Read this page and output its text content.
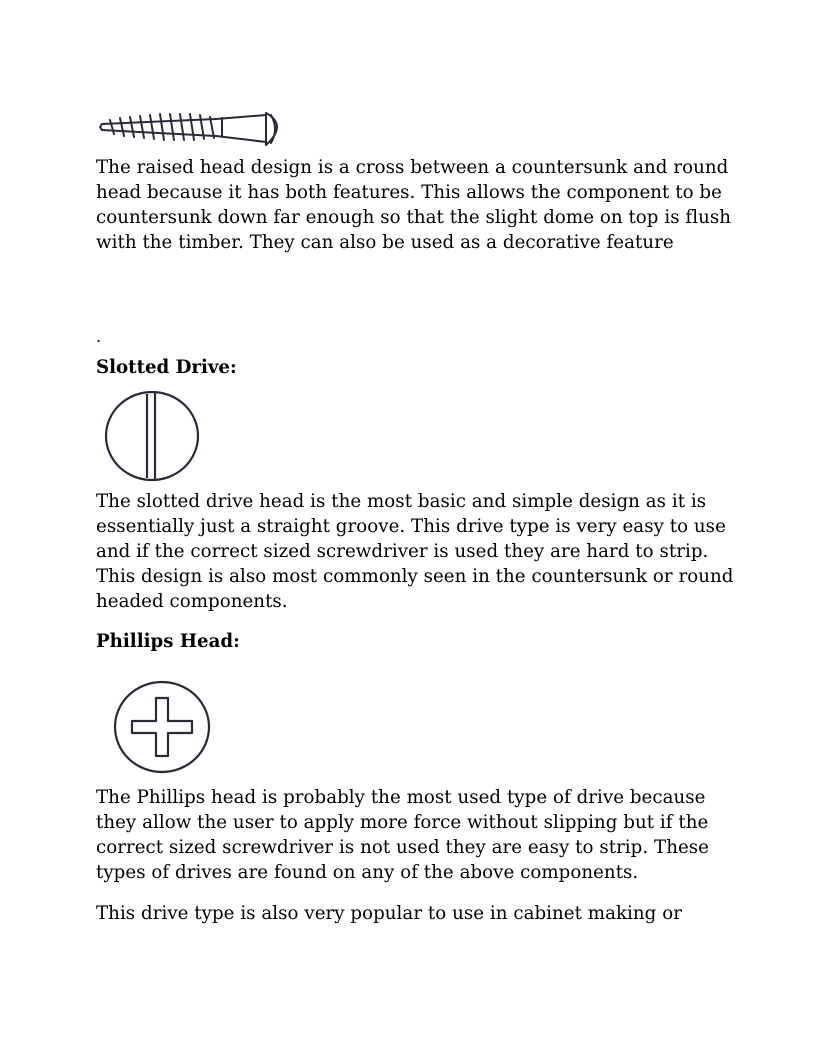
The raised head design is a cross between a countersunk and round head because it has both features. This allows the component to be countersunk down far enough so that the slight dome on top is flush with the timber. They can also be used as a decorative feature

.

Slotted Drive:

The slotted drive head is the most basic and simple design as it is essentially just a straight groove. This drive type is very easy to use and if the correct sized screwdriver is used they are hard to strip. This design is also most commonly seen in the countersunk or round headed components.

Phillips Head:

The Phillips head is probably the most used type of drive because they allow the user to apply more force without slipping but if the correct sized screwdriver is not used they are easy to strip. These types of drives are found on any of the above components.

This drive type is also very popular to use in cabinet making or
